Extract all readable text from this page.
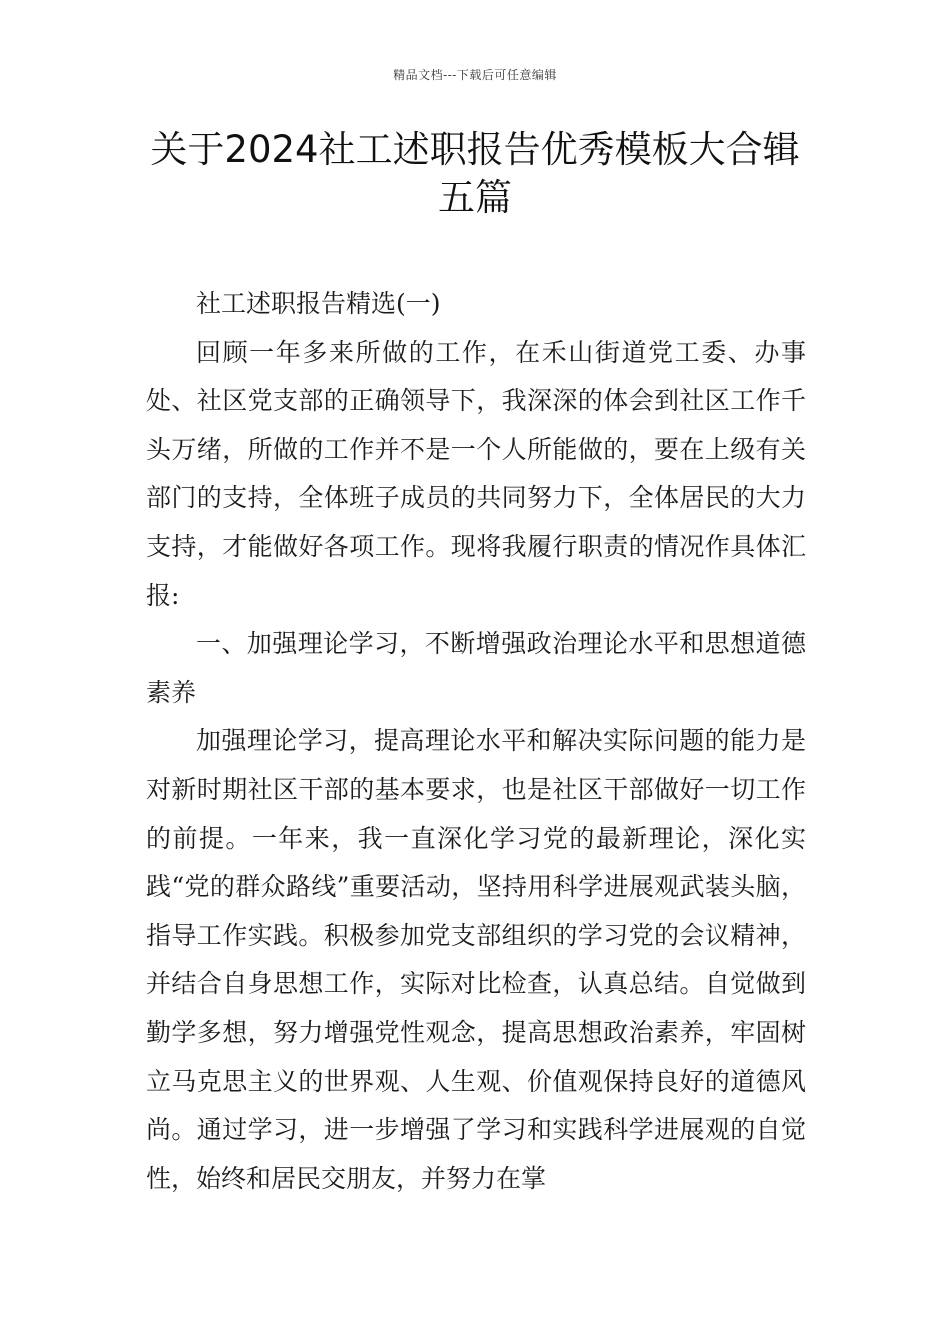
精品文档---下载后可任意编辑
关于2024社工述职报告优秀模板大合辑五篇

社工述职报告精选(一)

回顾一年多来所做的工作，在禾山街道党工委、办事处、社区党支部的正确领导下，我深深的体会到社区工作千头万绪，所做的工作并不是一个人所能做的，要在上级有关部门的支持，全体班子成员的共同努力下，全体居民的大力支持，才能做好各项工作。现将我履行职责的情况作具体汇报:

一、加强理论学习，不断增强政治理论水平和思想道德素养

加强理论学习，提高理论水平和解决实际问题的能力是对新时期社区干部的基本要求，也是社区干部做好一切工作的前提。一年来，我一直深化学习党的最新理论，深化实践“党的群众路线”重要活动，坚持用科学进展观武装头脑，指导工作实践。积极参加党支部组织的学习党的会议精神，并结合自身思想工作，实际对比检查，认真总结。自觉做到勤学多想，努力增强党性观念，提高思想政治素养，牢固树立马克思主义的世界观、人生观、价值观保持良好的道德风尚。通过学习，进一步增强了学习和实践科学进展观的自觉性，始终和居民交朋友，并努力在掌
